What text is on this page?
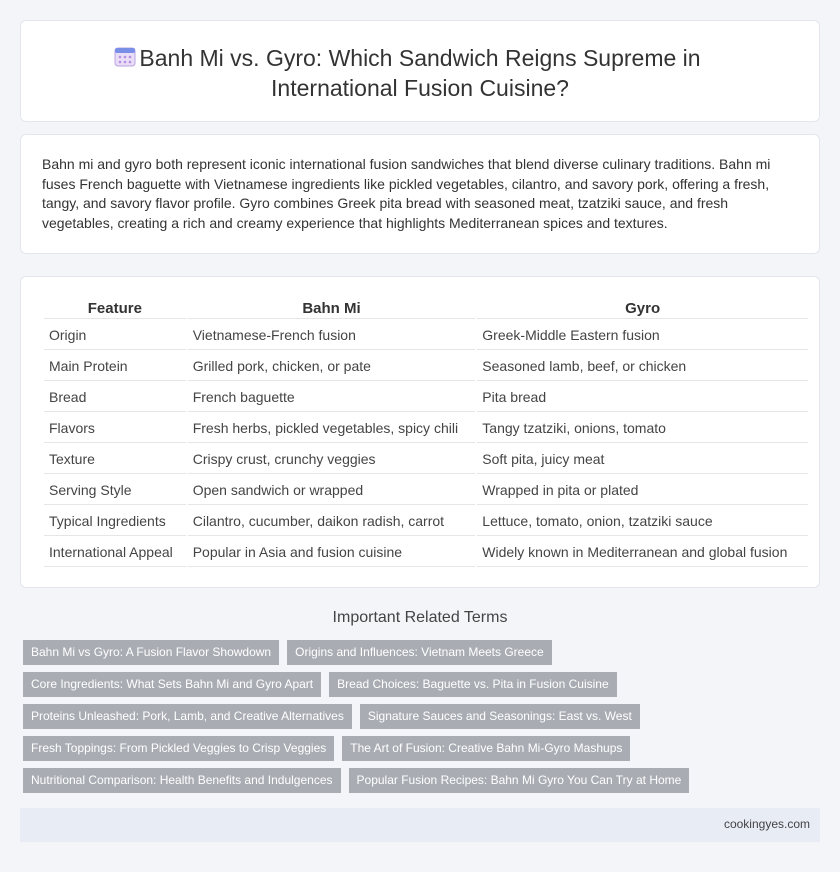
Banh Mi vs. Gyro: Which Sandwich Reigns Supreme in
International Fusion Cuisine?

Bahn mi and gyro both represent iconic international fusion sandwiches that blend diverse culinary traditions. Bahn mi fuses French baguette with Vietnamese ingredients like pickled vegetables, cilantro, and savory pork, offering a fresh, tangy, and savory flavor profile. Gyro combines Greek pita bread with seasoned meat, tzatziki sauce, and fresh vegetables, creating a rich and creamy experience that highlights Mediterranean spices and textures.

Feature	Bahn Mi	Gyro
Origin	Vietnamese-French fusion	Greek-Middle Eastern fusion
Main Protein	Grilled pork, chicken, or pate	Seasoned lamb, beef, or chicken
Bread	French baguette	Pita bread
Flavors	Fresh herbs, pickled vegetables, spicy chili	Tangy tzatziki, onions, tomato
Texture	Crispy crust, crunchy veggies	Soft pita, juicy meat
Serving Style	Open sandwich or wrapped	Wrapped in pita or plated
Typical Ingredients	Cilantro, cucumber, daikon radish, carrot	Lettuce, tomato, onion, tzatziki sauce
International Appeal	Popular in Asia and fusion cuisine	Widely known in Mediterranean and global fusion
Important Related Terms
Bahn Mi vs Gyro: A Fusion Flavor Showdown	Origins and Influences: Vietnam Meets Greece
Core Ingredients: What Sets Bahn Mi and Gyro Apart	Bread Choices: Baguette vs. Pita in Fusion Cuisine
Proteins Unleashed: Pork, Lamb, and Creative Alternatives	Signature Sauces and Seasonings: East vs. West
Fresh Toppings: From Pickled Veggies to Crisp Veggies	The Art of Fusion: Creative Bahn Mi-Gyro Mashups
Nutritional Comparison: Health Benefits and Indulgences	Popular Fusion Recipes: Bahn Mi Gyro You Can Try at Home
cookingyes.com
